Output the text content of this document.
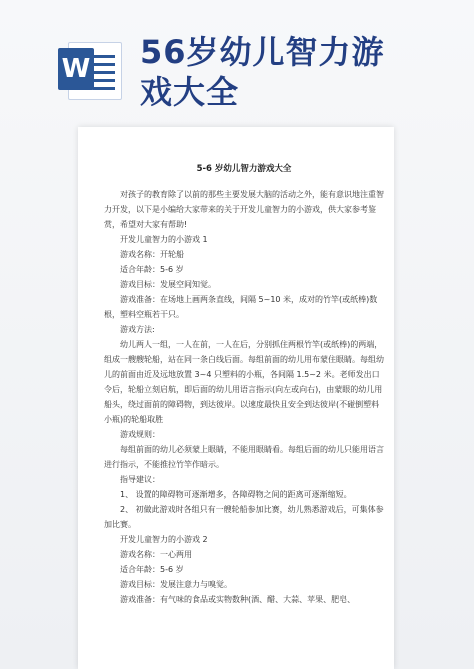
W 56岁幼儿智力游
戏大全
5-6 岁幼儿智力游戏大全

对孩子的教育除了以前的那些主要发展大脑的活动之外，能有意识地注重智力开发，以下是小编给大家带来的关于开发儿童智力的小游戏，供大家参考鉴赏，希望对大家有帮助!

开发儿童智力的小游戏 1

游戏名称：开轮船

适合年龄：5-6 岁

游戏目标：发展空间知觉。

游戏准备：在场地上画两条直线，间隔 5~10 米，成对的竹竿(或纸棒)数根，塑料空瓶若干只。

游戏方法:

幼儿两人一组，一人在前，一人在后，分别抓住两根竹竿(或纸棒)的两端，组成一艘艘轮船，站在同一条白线后面。每组前面的幼儿用布蒙住眼睛。每组幼儿的前面由近及远地放置 3~4 只塑料的小瓶，各间隔 1.5~2 米。老师发出口令后，轮船立刻启航，即后面的幼儿用语言指示(向左或向右)，由蒙眼的幼儿用船头，绕过面前的障碍物，到达彼岸。以速度最快且安全到达彼岸(不碰倒塑料小瓶)的轮船取胜

游戏规则：

每组前面的幼儿必须蒙上眼睛，不能用眼睛看。每组后面的幼儿只能用语言进行指示，不能推拉竹竿作暗示。

指导建议：

1、 设置的障碍物可逐渐增多，各障碍物之间的距离可逐渐缩短。

2、 初做此游戏时各组只有一艘轮船参加比赛，幼儿熟悉游戏后，可集体参加比赛。

开发儿童智力的小游戏 2

游戏名称：一心两用

适合年龄：5-6 岁

游戏目标：发展注意力与嗅觉。

游戏准备：有气味的食品或实物数种(酒、醋、大蒜、苹果、肥皂、
